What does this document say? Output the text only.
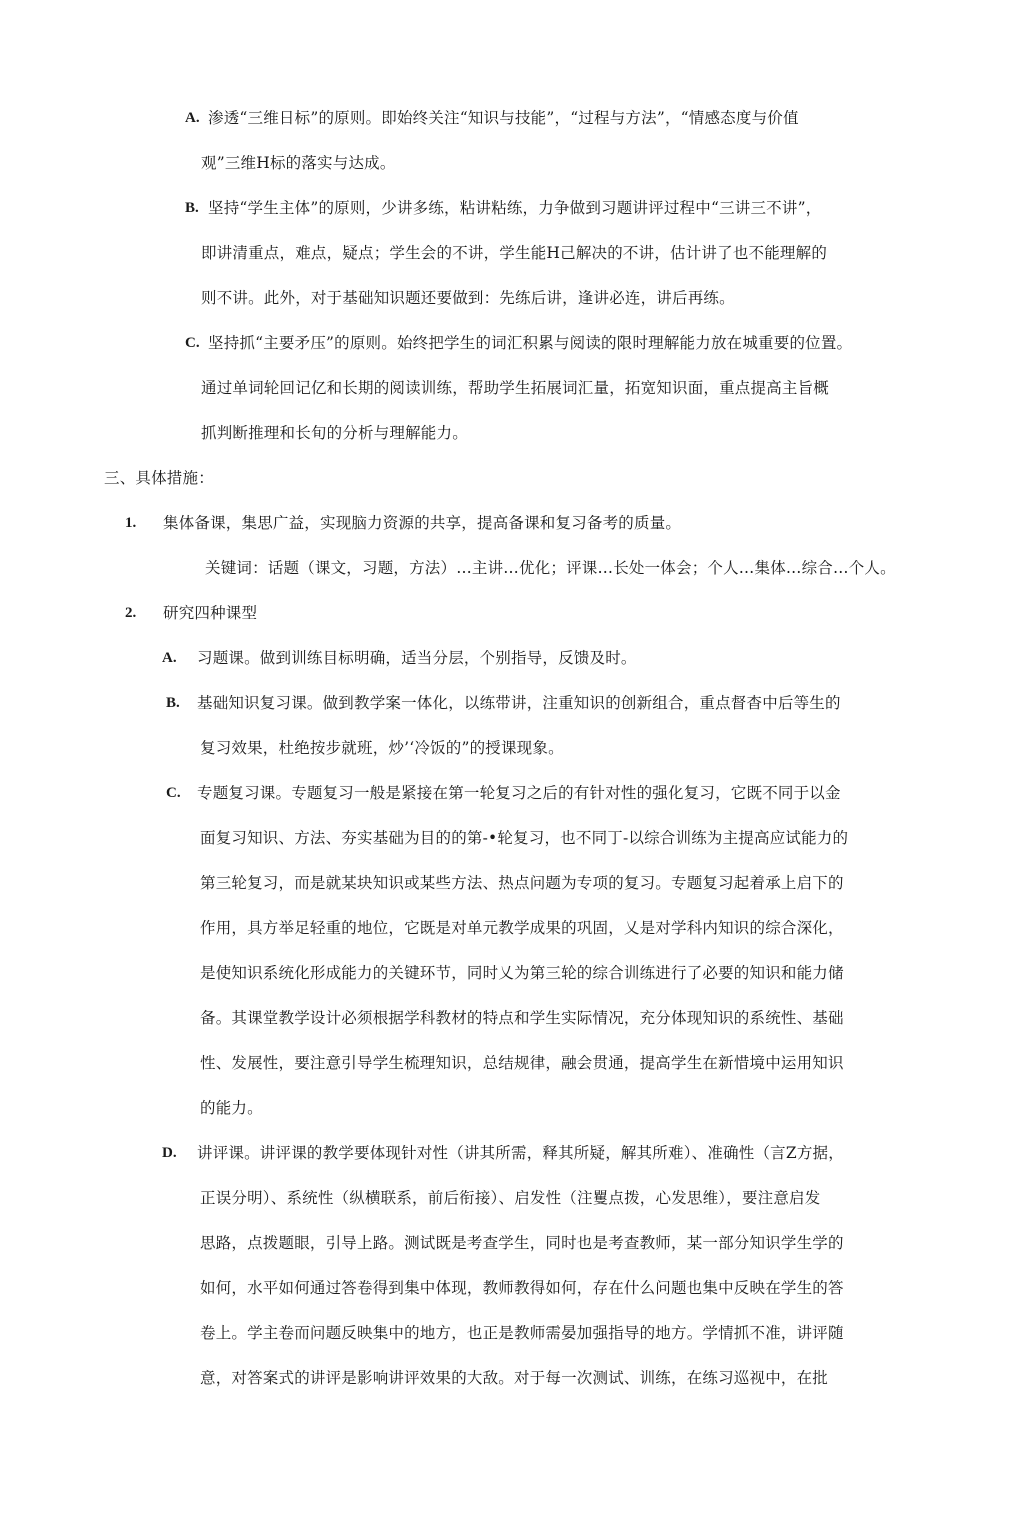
A. 渗透“三维日标”的原则。即始终关注“知识与技能”，“过程与方法”，“情感态度与价值
观”三维H标的落实与达成。
B. 坚持“学生主体”的原则，少讲多练，粘讲粘练，力争做到习题讲评过程中“三讲三不讲”，
即讲清重点，难点，疑点；学生会的不讲，学生能H己解决的不讲，估计讲了也不能理解的
则不讲。此外，对于基础知识题还要做到：先练后讲，逢讲必连，讲后再练。
C. 坚持抓“主要矛压”的原则。始终把学生的词汇积累与阅读的限时理解能力放在城重要的位置。
通过单词轮回记亿和长期的阅读训练，帮助学生拓展词汇量，拓宽知识面，重点提高主旨概
抓判断推理和长旬的分析与理解能力。
三、具体措施：
1. 集体备课，集思广益，实现脑力资源的共享，提高备课和复习备考的质量。
关键词：话题（课文，习题，方法）…主讲…优化；评课…长处一体会；个人…集体…综合…个人。
2. 研究四种课型
A. 习题课。做到训练目标明确，适当分层，个别指导，反馈及时。
B. 基础知识复习课。做到教学案一体化，以练带讲，注重知识的创新组合，重点督杳中后等生的
复习效果，杜绝按步就班，炒’‘冷饭的”的授课现象。
C. 专题复习课。专题复习一般是紧接在第一轮复习之后的有针对性的强化复习，它既不同于以金
面复习知识、方法、夯实基础为目的的第-•轮复习，也不同丁-以综合训练为主提高应试能力的
第三轮复习，而是就某块知识或某些方法、热点问题为专项的复习。专题复习起着承上启下的
作用，具方举足轻重的地位，它既是对单元教学成果的巩固，乂是对学科内知识的综合深化，
是使知识系统化形成能力的关键环节，同时乂为第三轮的综合训练进行了必要的知识和能力储
备。其课堂教学设计必须根据学科教材的特点和学生实际情况，充分体现知识的系统性、基础
性、发展性，要注意引导学生梳理知识，总结规律，融会贯通，提高学生在新惜境中运用知识
的能力。
D. 讲评课。讲评课的教学要体现针对性（讲其所需，释其所疑，解其所难）、准确性（言Z方据，
正误分明）、系统性（纵横联系，前后衔接）、启发性（注矍点拨，心发思维），要注意启发
思路，点拨题眼，引导上路。测试既是考查学生，同时也是考查教师，某一部分知识学生学的
如何，水平如何通过答卷得到集中体现，教师教得如何，存在什么问题也集中反映在学生的答
卷上。学主卷而问题反映集中的地方，也正是教师需晏加强指导的地方。学情抓不准，讲评随
意，对答案式的讲评是影响讲评效果的大敌。对于每一次测试、训练，在练习巡视中，在批
